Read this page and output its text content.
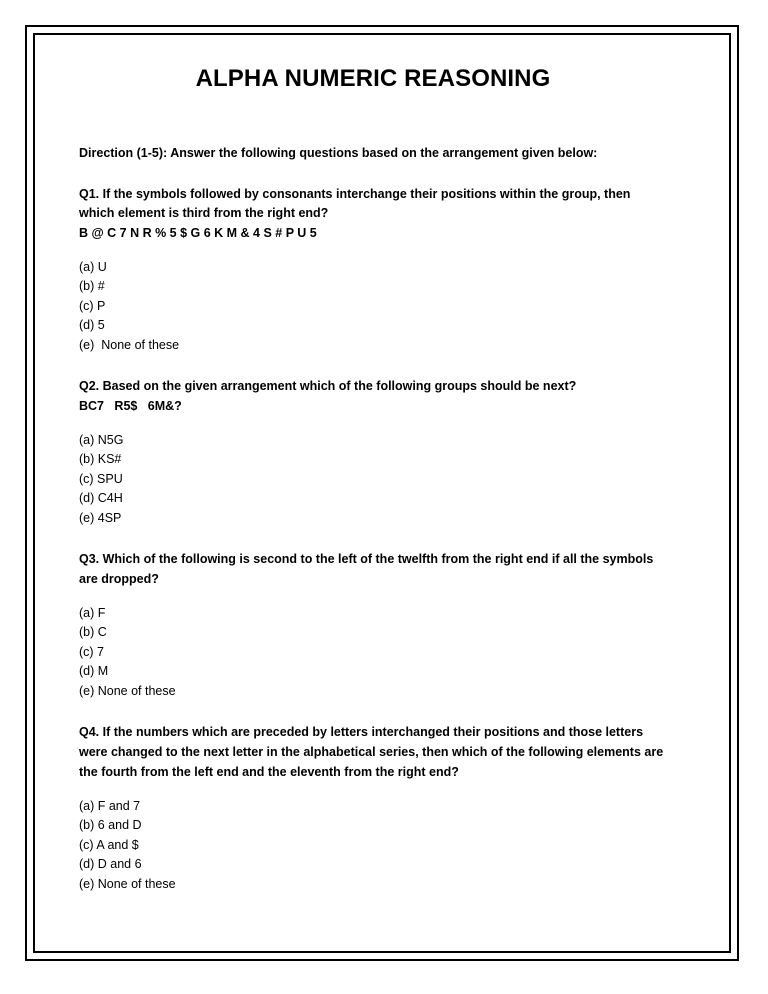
ALPHA NUMERIC REASONING

Direction (1-5): Answer the following questions based on the arrangement given below:

Q1. If the symbols followed by consonants interchange their positions within the group, then which element is third from the right end?

B @ C 7 N R % 5 $ G 6 K M & 4 S # P U 5

(a) U
(b) #
(c) P
(d) 5
(e)  None of these

Q2. Based on the given arrangement which of the following groups should be next?

BC7   R5$   6M&?

(a) N5G
(b) KS#
(c) SPU
(d) C4H
(e) 4SP

Q3. Which of the following is second to the left of the twelfth from the right end if all the symbols are dropped?

(a) F
(b) C
(c) 7
(d) M
(e) None of these

Q4. If the numbers which are preceded by letters interchanged their positions and those letters were changed to the next letter in the alphabetical series, then which of the following elements are the fourth from the left end and the eleventh from the right end?

(a) F and 7
(b) 6 and D
(c) A and $
(d) D and 6
(e) None of these
